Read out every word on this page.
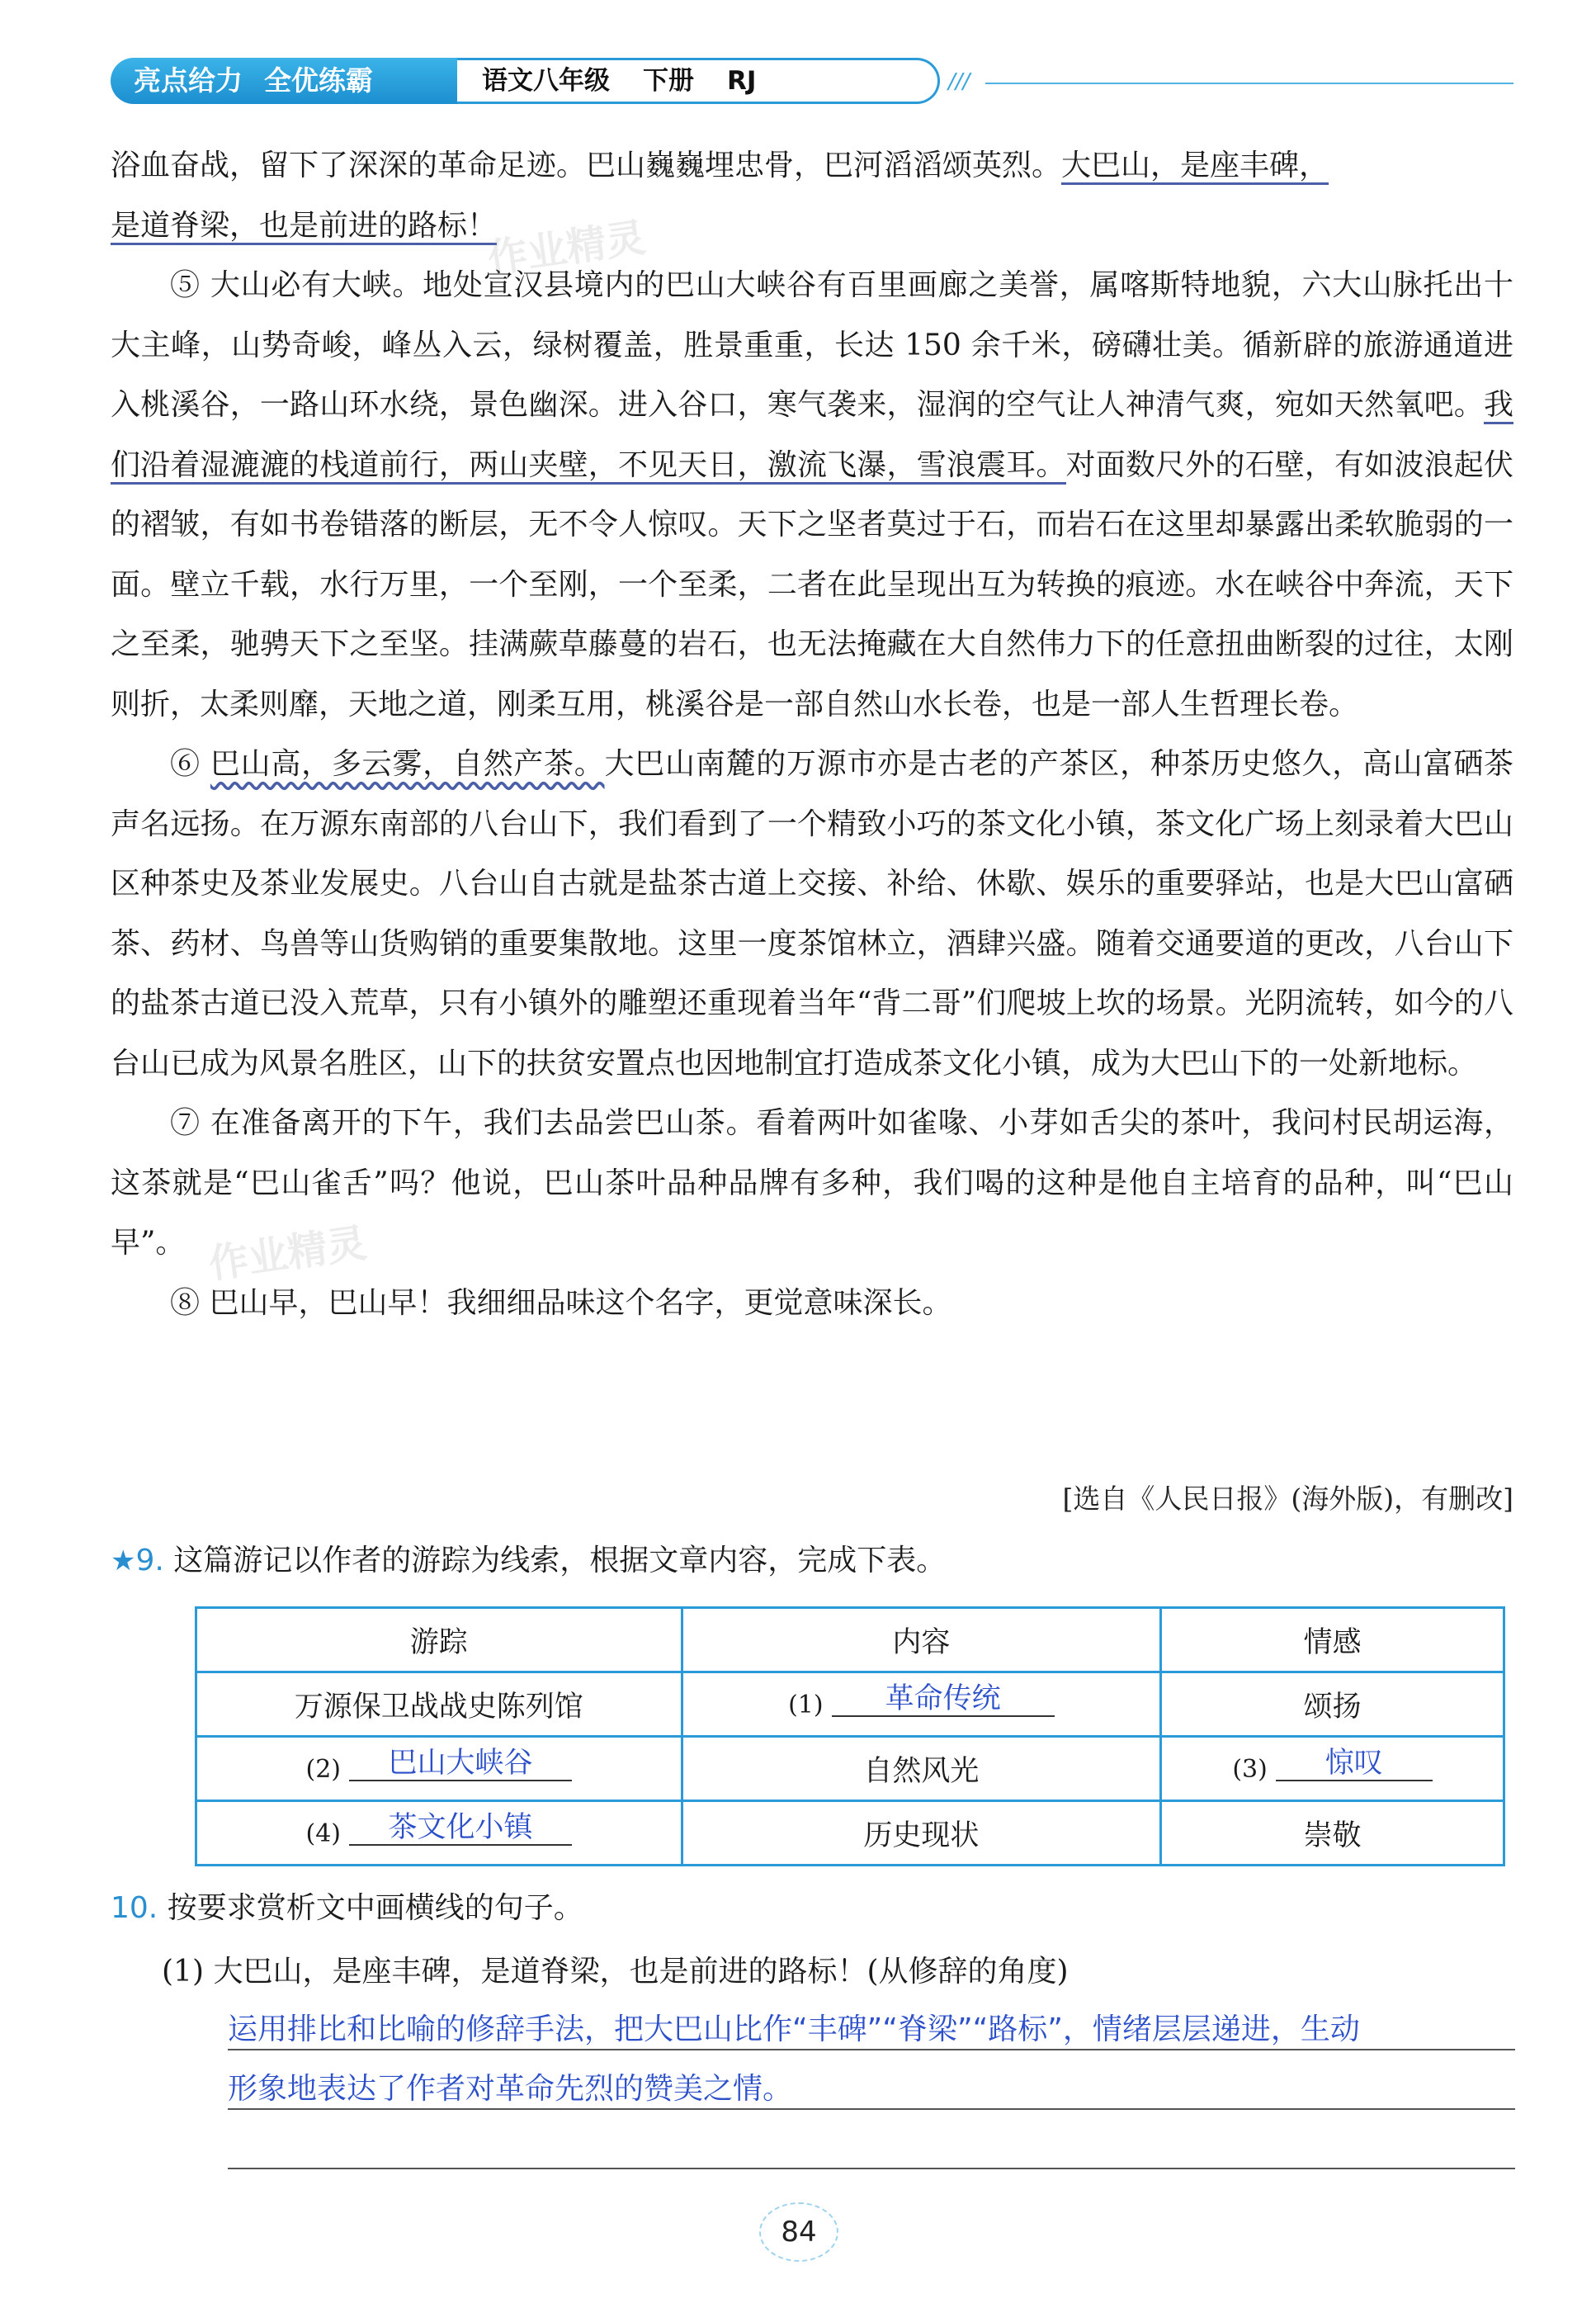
亮点给力 全优练霸	语文八年级 下册 RJ	///

浴血奋战，留下了深深的革命足迹。巴山巍巍埋忠骨，巴河滔滔颂英烈。大巴山，是座丰碑，
是道脊梁，也是前进的路标！

⑤ 大山必有大峡。地处宣汉县境内的巴山大峡谷有百里画廊之美誉，属喀斯特地貌，六大山脉托出十大主峰，山势奇峻，峰丛入云，绿树覆盖，胜景重重，长达 150 余千米，磅礴壮美。循新辟的旅游通道进入桃溪谷，一路山环水绕，景色幽深。进入谷口，寒气袭来，湿润的空气让人神清气爽，宛如天然氧吧。我们沿着湿漉漉的栈道前行，两山夹壁，不见天日，激流飞瀑，雪浪震耳。对面数尺外的石壁，有如波浪起伏的褶皱，有如书卷错落的断层，无不令人惊叹。天下之坚者莫过于石，而岩石在这里却暴露出柔软脆弱的一面。壁立千载，水行万里，一个至刚，一个至柔，二者在此呈现出互为转换的痕迹。水在峡谷中奔流，天下之至柔，驰骋天下之至坚。挂满蕨草藤蔓的岩石，也无法掩藏在大自然伟力下的任意扭曲断裂的过往，太刚则折，太柔则靡，天地之道，刚柔互用，桃溪谷是一部自然山水长卷，也是一部人生哲理长卷。

⑥ 巴山高，多云雾，自然产茶。大巴山南麓的万源市亦是古老的产茶区，种茶历史悠久，高山富硒茶声名远扬。在万源东南部的八台山下，我们看到了一个精致小巧的茶文化小镇，茶文化广场上刻录着大巴山区种茶史及茶业发展史。八台山自古就是盐茶古道上交接、补给、休歇、娱乐的重要驿站，也是大巴山富硒茶、药材、鸟兽等山货购销的重要集散地。这里一度茶馆林立，酒肆兴盛。随着交通要道的更改，八台山下的盐茶古道已没入荒草，只有小镇外的雕塑还重现着当年“背二哥”们爬坡上坎的场景。光阴流转，如今的八台山已成为风景名胜区，山下的扶贫安置点也因地制宜打造成茶文化小镇，成为大巴山下的一处新地标。

⑦ 在准备离开的下午，我们去品尝巴山茶。看着两叶如雀喙、小芽如舌尖的茶叶，我问村民胡运海，这茶就是“巴山雀舌”吗？他说，巴山茶叶品种品牌有多种，我们喝的这种是他自主培育的品种，叫“巴山早”。

⑧ 巴山早，巴山早！我细细品味这个名字，更觉意味深长。

[选自《人民日报》(海外版)，有删改]
作业精灵
作业精灵
★9. 这篇游记以作者的游踪为线索，根据文章内容，完成下表。
游踪	内容	情感
万源保卫战战史陈列馆	(1) 革命传统	颂扬
(2) 巴山大峡谷	自然风光	(3) 惊叹
(4) 茶文化小镇	历史现状	崇敬
10. 按要求赏析文中画横线的句子。
(1) 大巴山，是座丰碑，是道脊梁，也是前进的路标！(从修辞的角度)
运用排比和比喻的修辞手法，把大巴山比作“丰碑”“脊梁”“路标”，情绪层层递进，生动
形象地表达了作者对革命先烈的赞美之情。
84
